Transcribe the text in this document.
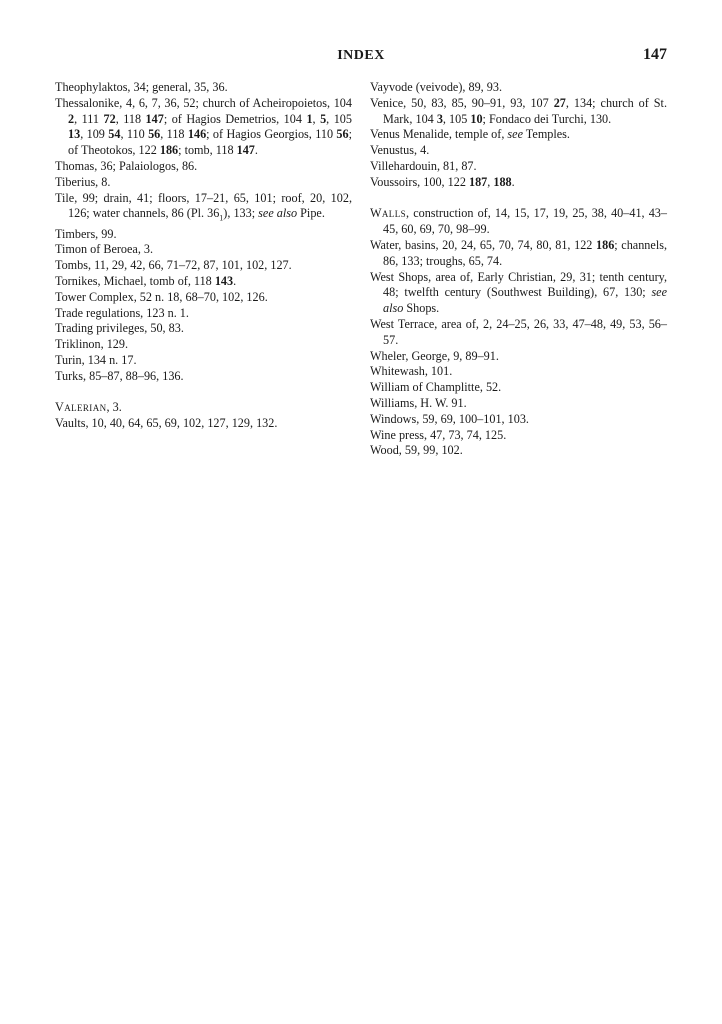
INDEX	147

Theophylaktos, 34; general, 35, 36.

Thessalonike, 4, 6, 7, 36, 52; church of Acheiropoietos, 104 2, 111 72, 118 147; of Hagios Demetrios, 104 1, 5, 105 13, 109 54, 110 56, 118 146; of Hagios Georgios, 110 56; of Theotokos, 122 186; tomb, 118 147.

Thomas, 36; Palaiologos, 86.

Tiberius, 8.

Tile, 99; drain, 41; floors, 17–21, 65, 101; roof, 20, 102, 126; water channels, 86 (Pl. $36_1$), 133; see also Pipe.

Timbers, 99.

Timon of Beroea, 3.

Tombs, 11, 29, 42, 66, 71–72, 87, 101, 102, 127.

Tornikes, Michael, tomb of, 118 143.

Tower Complex, 52 n. 18, 68–70, 102, 126.

Trade regulations, 123 n. 1.

Trading privileges, 50, 83.

Triklinon, 129.

Turin, 134 n. 17.

Turks, 85–87, 88–96, 136.

Valerian, 3.

Vaults, 10, 40, 64, 65, 69, 102, 127, 129, 132.

Vayvode (veivode), 89, 93.

Venice, 50, 83, 85, 90–91, 93, 107 27, 134; church of St. Mark, 104 3, 105 10; Fondaco dei Turchi, 130.

Venus Menalide, temple of, see Temples.

Venustus, 4.

Villehardouin, 81, 87.

Voussoirs, 100, 122 187, 188.

Walls, construction of, 14, 15, 17, 19, 25, 38, 40–41, 43–45, 60, 69, 70, 98–99.

Water, basins, 20, 24, 65, 70, 74, 80, 81, 122 186; channels, 86, 133; troughs, 65, 74.

West Shops, area of, Early Christian, 29, 31; tenth century, 48; twelfth century (Southwest Building), 67, 130; see also Shops.

West Terrace, area of, 2, 24–25, 26, 33, 47–48, 49, 53, 56–57.

Wheler, George, 9, 89–91.

Whitewash, 101.

William of Champlitte, 52.

Williams, H. W. 91.

Windows, 59, 69, 100–101, 103.

Wine press, 47, 73, 74, 125.

Wood, 59, 99, 102.
